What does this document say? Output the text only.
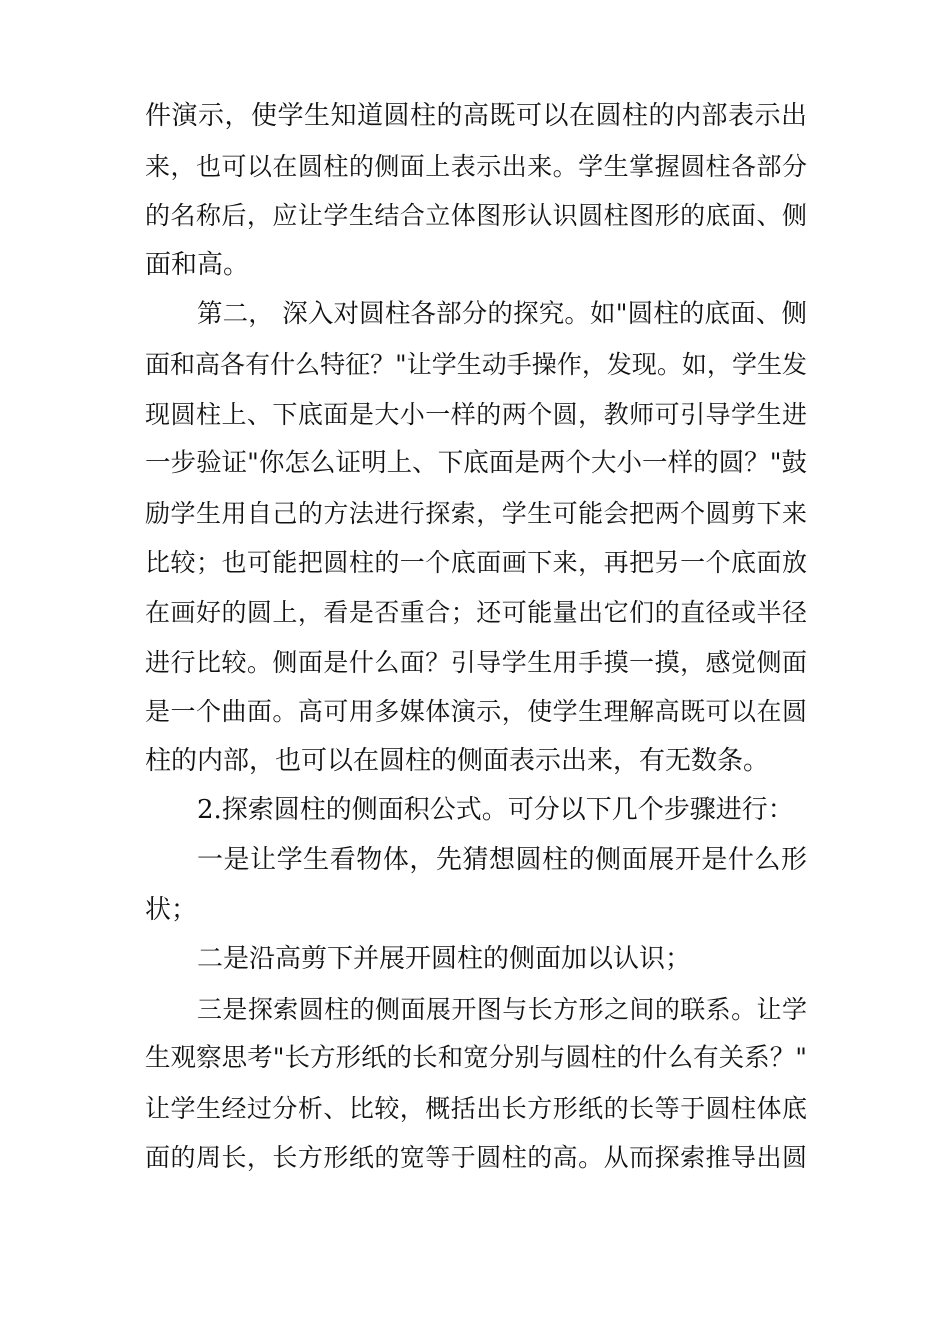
件演示，使学生知道圆柱的高既可以在圆柱的内部表示出
来，也可以在圆柱的侧面上表示出来。学生掌握圆柱各部分
的名称后，应让学生结合立体图形认识圆柱图形的底面、侧
面和高。
第二， 深入对圆柱各部分的探究。如"圆柱的底面、侧
面和高各有什么特征？"让学生动手操作，发现。如，学生发
现圆柱上、下底面是大小一样的两个圆，教师可引导学生进
一步验证"你怎么证明上、下底面是两个大小一样的圆？"鼓
励学生用自己的方法进行探索，学生可能会把两个圆剪下来
比较；也可能把圆柱的一个底面画下来，再把另一个底面放
在画好的圆上，看是否重合；还可能量出它们的直径或半径
进行比较。侧面是什么面？引导学生用手摸一摸，感觉侧面
是一个曲面。高可用多媒体演示，使学生理解高既可以在圆
柱的内部，也可以在圆柱的侧面表示出来，有无数条。
2.探索圆柱的侧面积公式。可分以下几个步骤进行：
一是让学生看物体，先猜想圆柱的侧面展开是什么形
状；
二是沿高剪下并展开圆柱的侧面加以认识；
三是探索圆柱的侧面展开图与长方形之间的联系。让学
生观察思考"长方形纸的长和宽分别与圆柱的什么有关系？"
让学生经过分析、比较，概括出长方形纸的长等于圆柱体底
面的周长，长方形纸的宽等于圆柱的高。从而探索推导出圆
